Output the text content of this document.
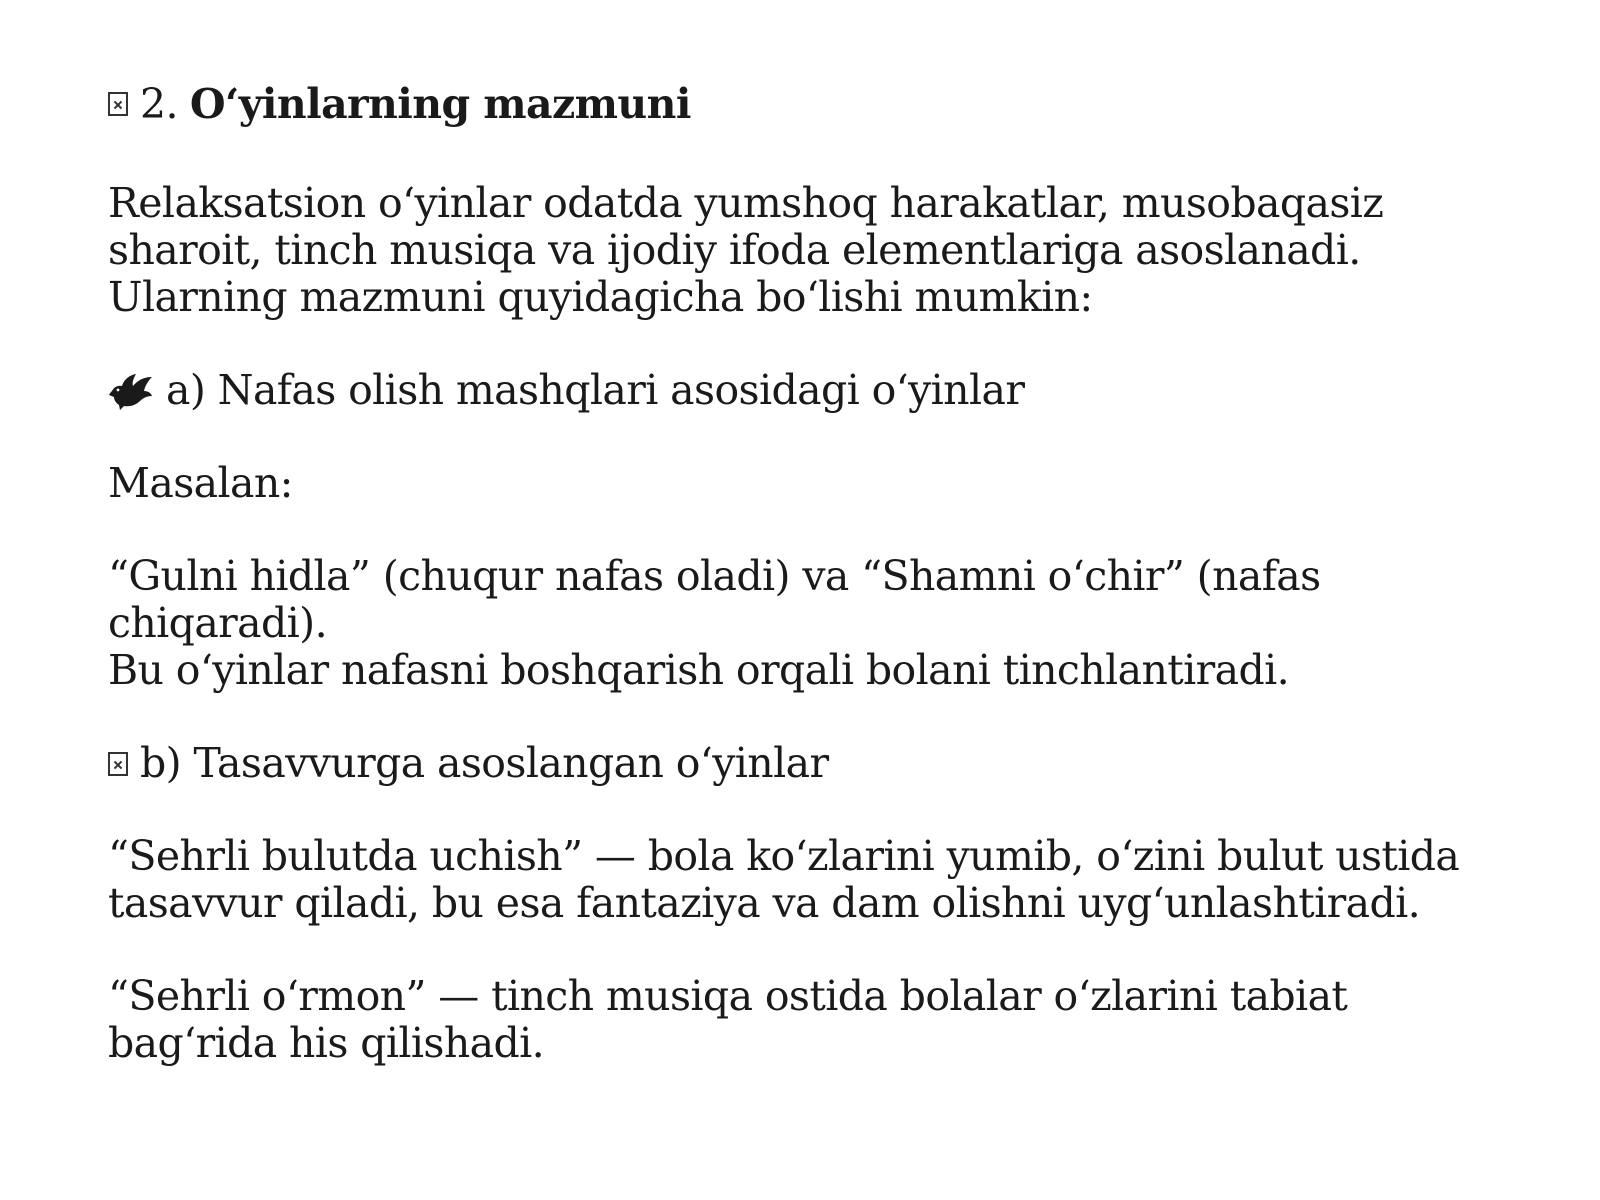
2. O‘yinlarning mazmuni

Relaksatsion o‘yinlar odatda yumshoq harakatlar, musobaqasiz
sharoit, tinch musiqa va ijodiy ifoda elementlariga asoslanadi.
Ularning mazmuni quyidagicha bo‘lishi mumkin:

a) Nafas olish mashqlari asosidagi o‘yinlar

Masalan:

“Gulni hidla” (chuqur nafas oladi) va “Shamni o‘chir” (nafas
chiqaradi).
Bu o‘yinlar nafasni boshqarish orqali bolani tinchlantiradi.

b) Tasavvurga asoslangan o‘yinlar

“Sehrli bulutda uchish” — bola ko‘zlarini yumib, o‘zini bulut ustida
tasavvur qiladi, bu esa fantaziya va dam olishni uyg‘unlashtiradi.

“Sehrli o‘rmon” — tinch musiqa ostida bolalar o‘zlarini tabiat
bag‘rida his qilishadi.
